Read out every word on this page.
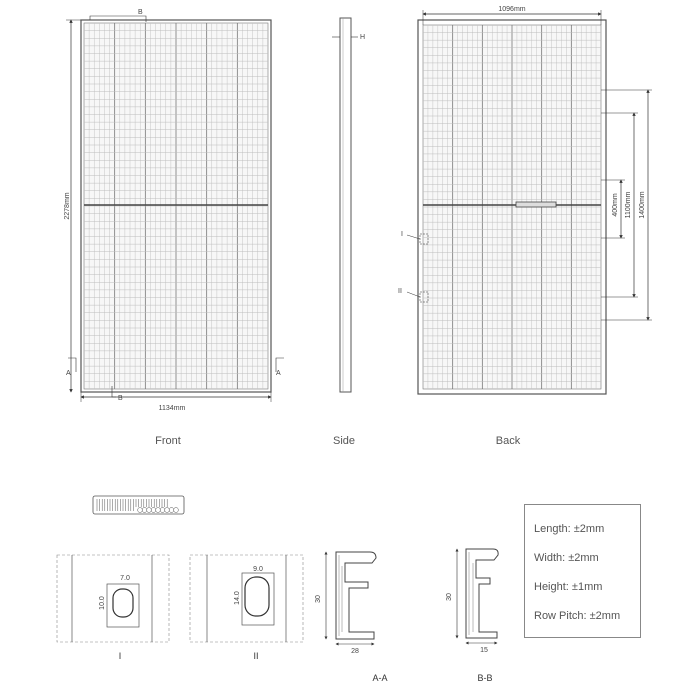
2278mm
1134mm
B
B
A	A
H
1096mm
400mm 1100mm 1400mm
I
II
Front	Side	Back
7.0
10.0
I
9.0
14.0
II
30
28
A-A
30
15
B-B
Length: ±2mm
Width: ±2mm
Height: ±1mm
Row Pitch: ±2mm
